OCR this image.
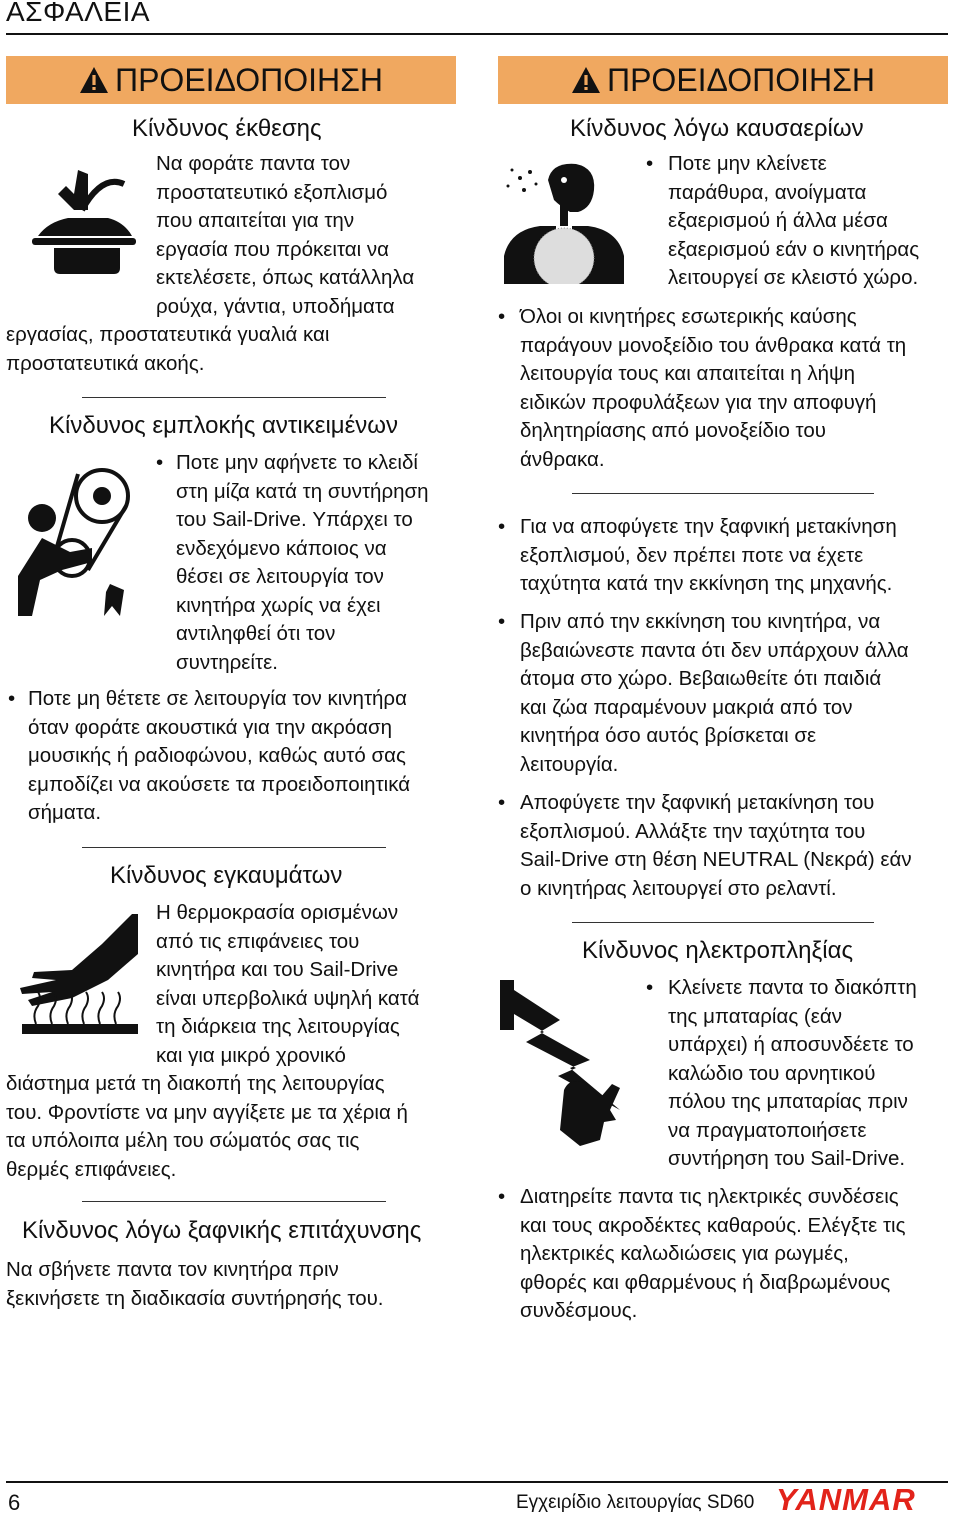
ΑΣΦΑΛΕΙΑ
ΠΡΟΕΙΔΟΠΟΙΗΣΗ
Κίνδυνος έκθεσης
Να φοράτε παντα τον
προστατευτικό εξοπλισμό
που απαιτείται για την
εργασία που πρόκειται να
εκτελέσετε, όπως κατάλληλα
ρούχα, γάντια, υποδήματα
εργασίας, προστατευτικά γυαλιά και
προστατευτικά ακοής.
Κίνδυνος εμπλοκής αντικειμένων
• Ποτε μην αφήνετε το κλειδί
στη μίζα κατά τη συντήρηση
του Sail-Drive. Υπάρχει το
ενδεχόμενο κάποιος να
θέσει σε λειτουργία τον
κινητήρα χωρίς να έχει
αντιληφθεί ότι τον
συντηρείτε.
• Ποτε μη θέτετε σε λειτουργία τον κινητήρα
όταν φοράτε ακουστικά για την ακρόαση
μουσικής ή ραδιοφώνου, καθώς αυτό σας
εμποδίζει να ακούσετε τα προειδοποιητικά
σήματα.
Κίνδυνος εγκαυμάτων
Η θερμοκρασία ορισμένων
από τις επιφάνειες του
κινητήρα και του Sail-Drive
είναι υπερβολικά υψηλή κατά
τη διάρκεια της λειτουργίας
και για μικρό χρονικό
διάστημα μετά τη διακοπή της λειτουργίας
του. Φροντίστε να μην αγγίξετε με τα χέρια ή
τα υπόλοιπα μέλη του σώματός σας τις
θερμές επιφάνειες.
Κίνδυνος λόγω ξαφνικής επιτάχυνσης
Να σβήνετε παντα τον κινητήρα πριν
ξεκινήσετε τη διαδικασία συντήρησής του.
ΠΡΟΕΙΔΟΠΟΙΗΣΗ
Κίνδυνος λόγω καυσαερίων
• Ποτε μην κλείνετε
παράθυρα, ανοίγματα
εξαερισμού ή άλλα μέσα
εξαερισμού εάν ο κινητήρας
λειτουργεί σε κλειστό χώρο.
• Όλοι οι κινητήρες εσωτερικής καύσης
παράγουν μονοξείδιο του άνθρακα κατά τη
λειτουργία τους και απαιτείται η λήψη
ειδικών προφυλάξεων για την αποφυγή
δηλητηρίασης από μονοξείδιο του
άνθρακα.
• Για να αποφύγετε την ξαφνική μετακίνηση
εξοπλισμού, δεν πρέπει ποτε να έχετε
ταχύτητα κατά την εκκίνηση της μηχανής.
• Πριν από την εκκίνηση του κινητήρα, να
βεβαιώνεστε παντα ότι δεν υπάρχουν άλλα
άτομα στο χώρο. Βεβαιωθείτε ότι παιδιά
και ζώα παραμένουν μακριά από τον
κινητήρα όσο αυτός βρίσκεται σε
λειτουργία.
• Αποφύγετε την ξαφνική μετακίνηση του
εξοπλισμού. Αλλάξτε την ταχύτητα του
Sail-Drive στη θέση NEUTRAL (Νεκρά) εάν
ο κινητήρας λειτουργεί στο ρελαντί.
Κίνδυνος ηλεκτροπληξίας
• Κλείνετε παντα το διακόπτη
της μπαταρίας (εάν
υπάρχει) ή αποσυνδέετε το
καλώδιο του αρνητικού
πόλου της μπαταρίας πριν
να πραγματοποιήσετε
συντήρηση του Sail-Drive.
• Διατηρείτε παντα τις ηλεκτρικές συνδέσεις
και τους ακροδέκτες καθαρούς. Ελέγξτε τις
ηλεκτρικές καλωδιώσεις για ρωγμές,
φθορές και φθαρμένους ή διαβρωμένους
συνδέσμους.
6	Εγχειρίδιο λειτουργίας SD60 YANMAR
